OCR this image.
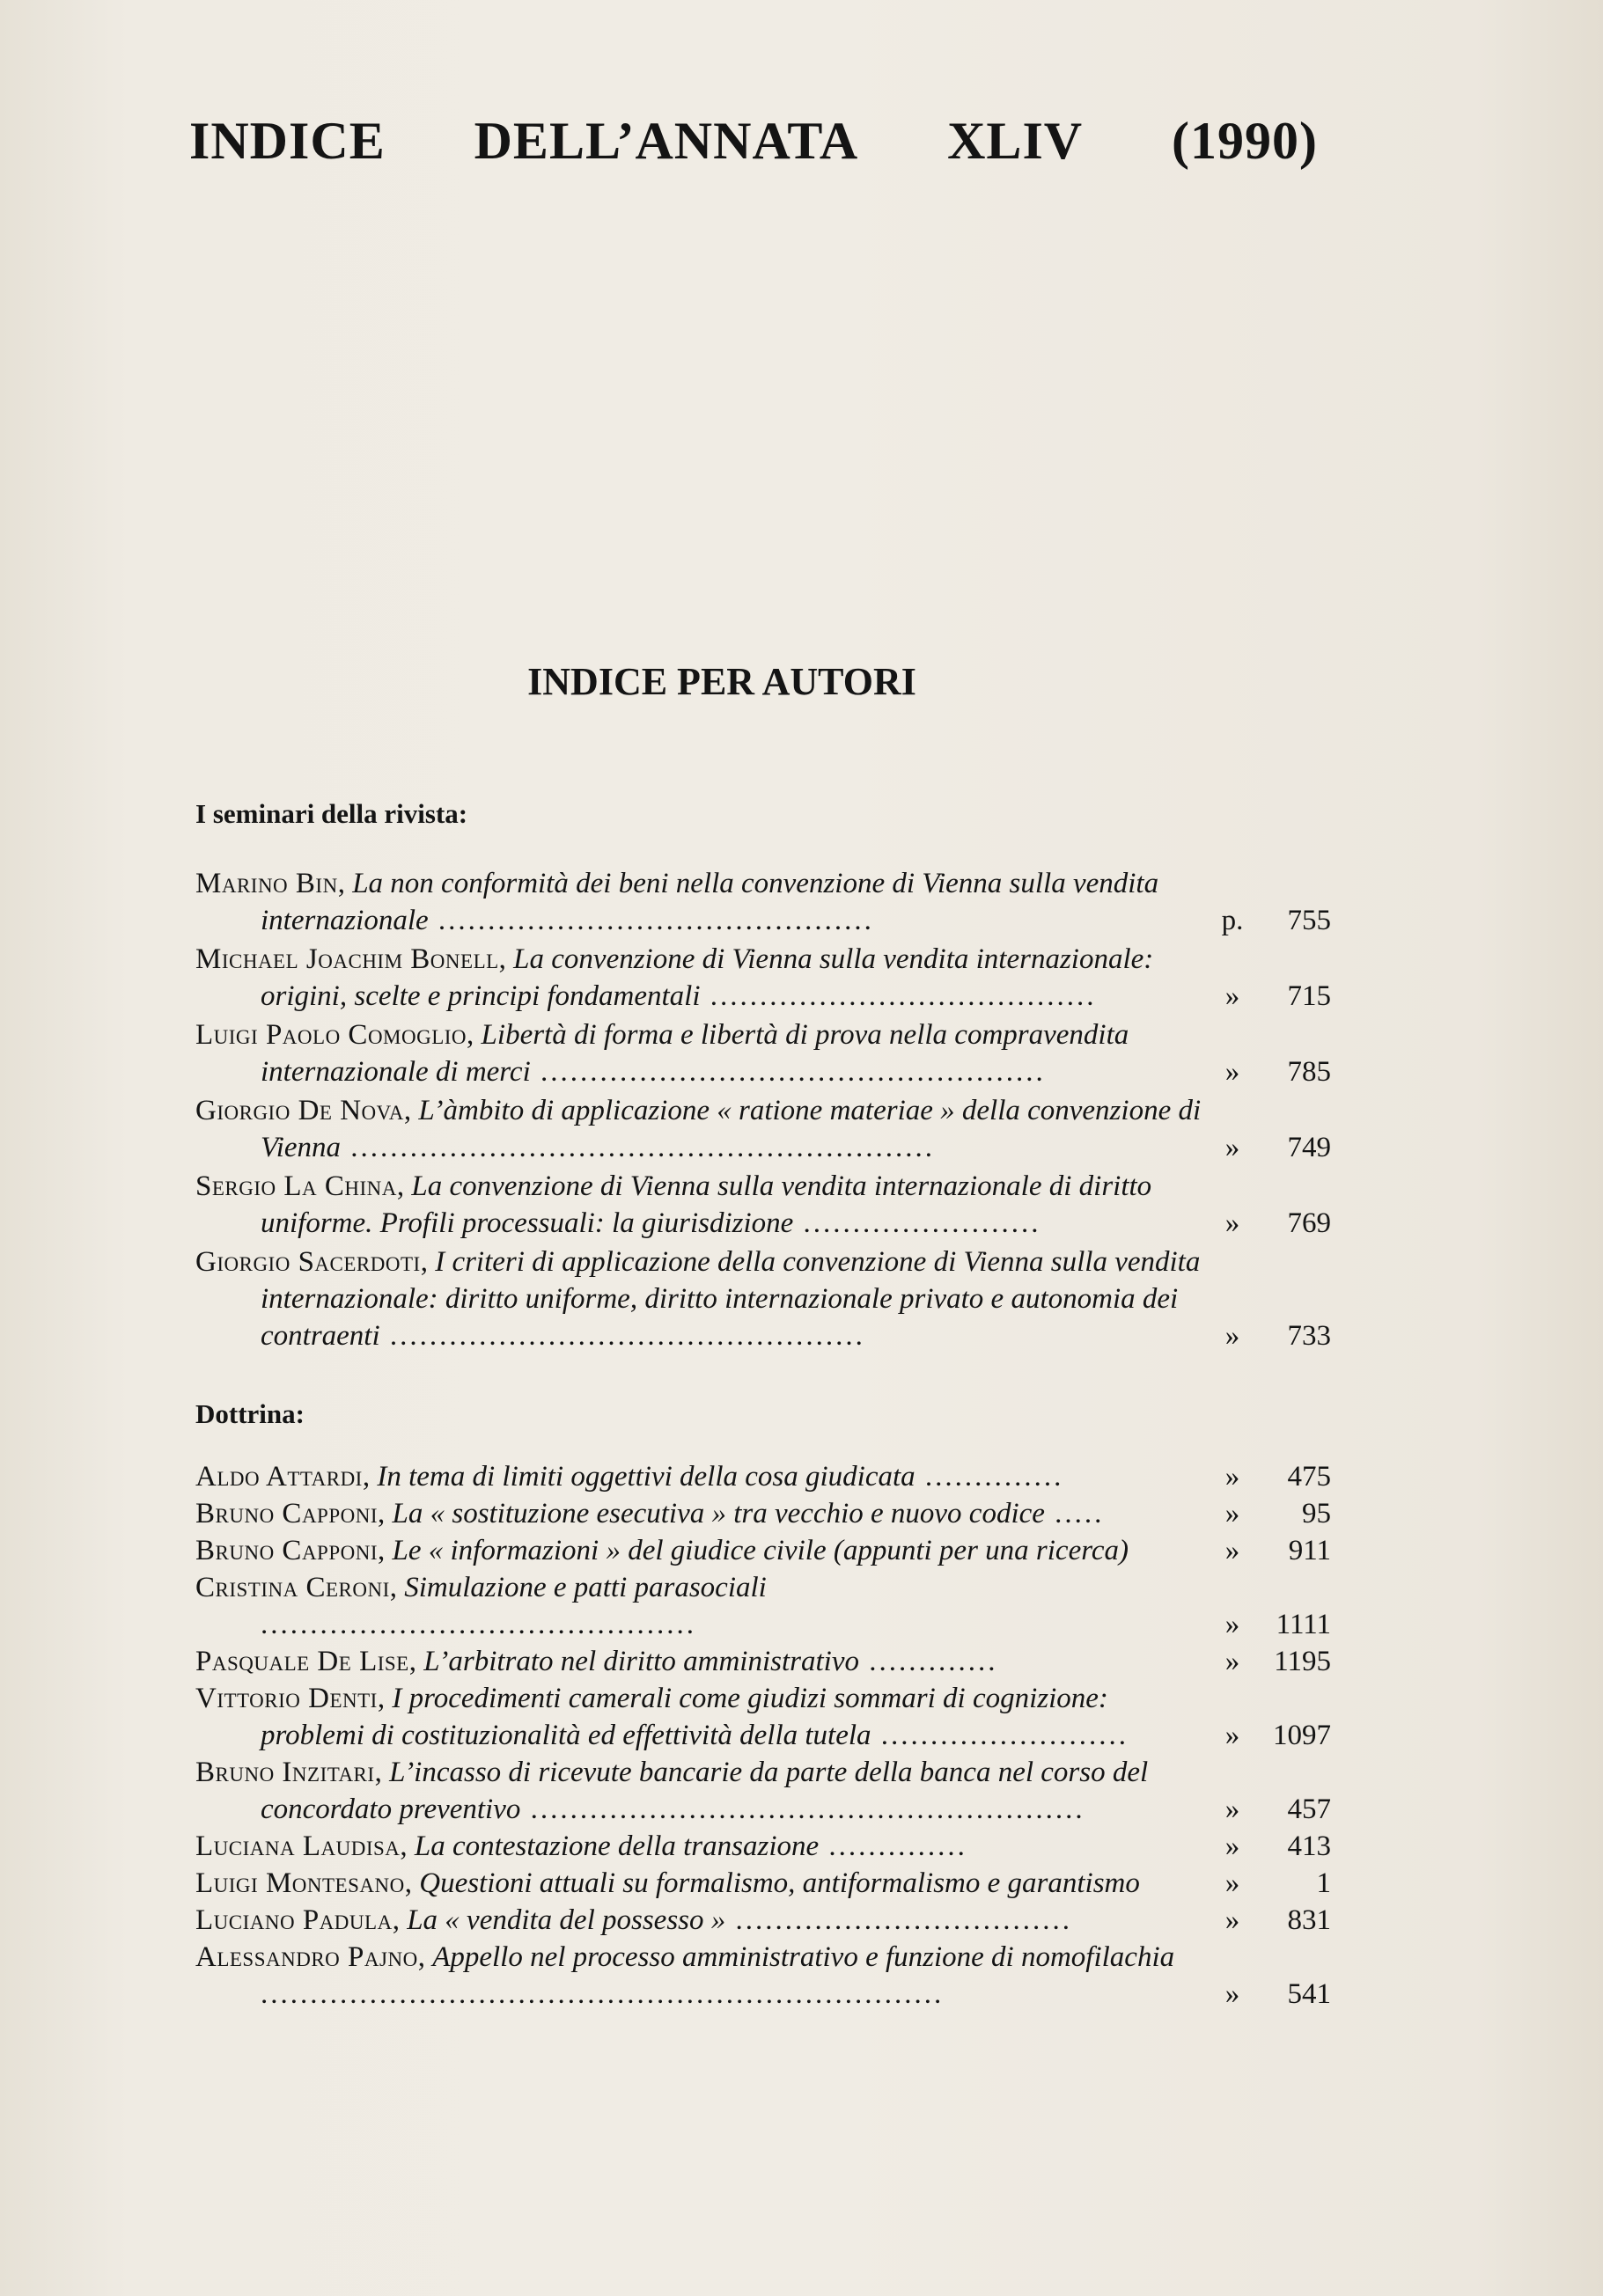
INDICE DELL’ANNATA XLIV (1990)
INDICE PER AUTORI
I seminari della rivista:
Marino Bin, La non conformità dei beni nella convenzione di Vienna sulla vendita internazionale ............................................	p.	755
Michael Joachim Bonell, La convenzione di Vienna sulla vendita internazionale: origini, scelte e principi fondamentali .......................................	»	715
Luigi Paolo Comoglio, Libertà di forma e libertà di prova nella compravendita internazionale di merci ...................................................	»	785
Giorgio De Nova, L’àmbito di applicazione « ratione materiae » della convenzione di Vienna ...........................................................	»	749
Sergio La China, La convenzione di Vienna sulla vendita internazionale di diritto uniforme. Profili processuali: la giurisdizione ........................	»	769
Giorgio Sacerdoti, I criteri di applicazione della convenzione di Vienna sulla vendita internazionale: diritto uniforme, diritto internazionale privato e autonomia dei contraenti ................................................	»	733
Dottrina:
Aldo Attardi, In tema di limiti oggettivi della cosa giudicata ..............	»	475
Bruno Capponi, La « sostituzione esecutiva » tra vecchio e nuovo codice .....	»	95
Bruno Capponi, Le « informazioni » del giudice civile (appunti per una ricerca)	»	911
Cristina Ceroni, Simulazione e patti parasociali ............................................	»	1111
Pasquale De Lise, L’arbitrato nel diritto amministrativo .............	»	1195
Vittorio Denti, I procedimenti camerali come giudizi sommari di cognizione: problemi di costituzionalità ed effettività della tutela .........................	»	1097
Bruno Inzitari, L’incasso di ricevute bancarie da parte della banca nel corso del concordato preventivo ........................................................	»	457
Luciana Laudisa, La contestazione della transazione ..............	»	413
Luigi Montesano, Questioni attuali su formalismo, antiformalismo e garantismo	»	1
Luciano Padula, La « vendita del possesso » ..................................	»	831
Alessandro Pajno, Appello nel processo amministrativo e funzione di nomofilachia .....................................................................	»	541
